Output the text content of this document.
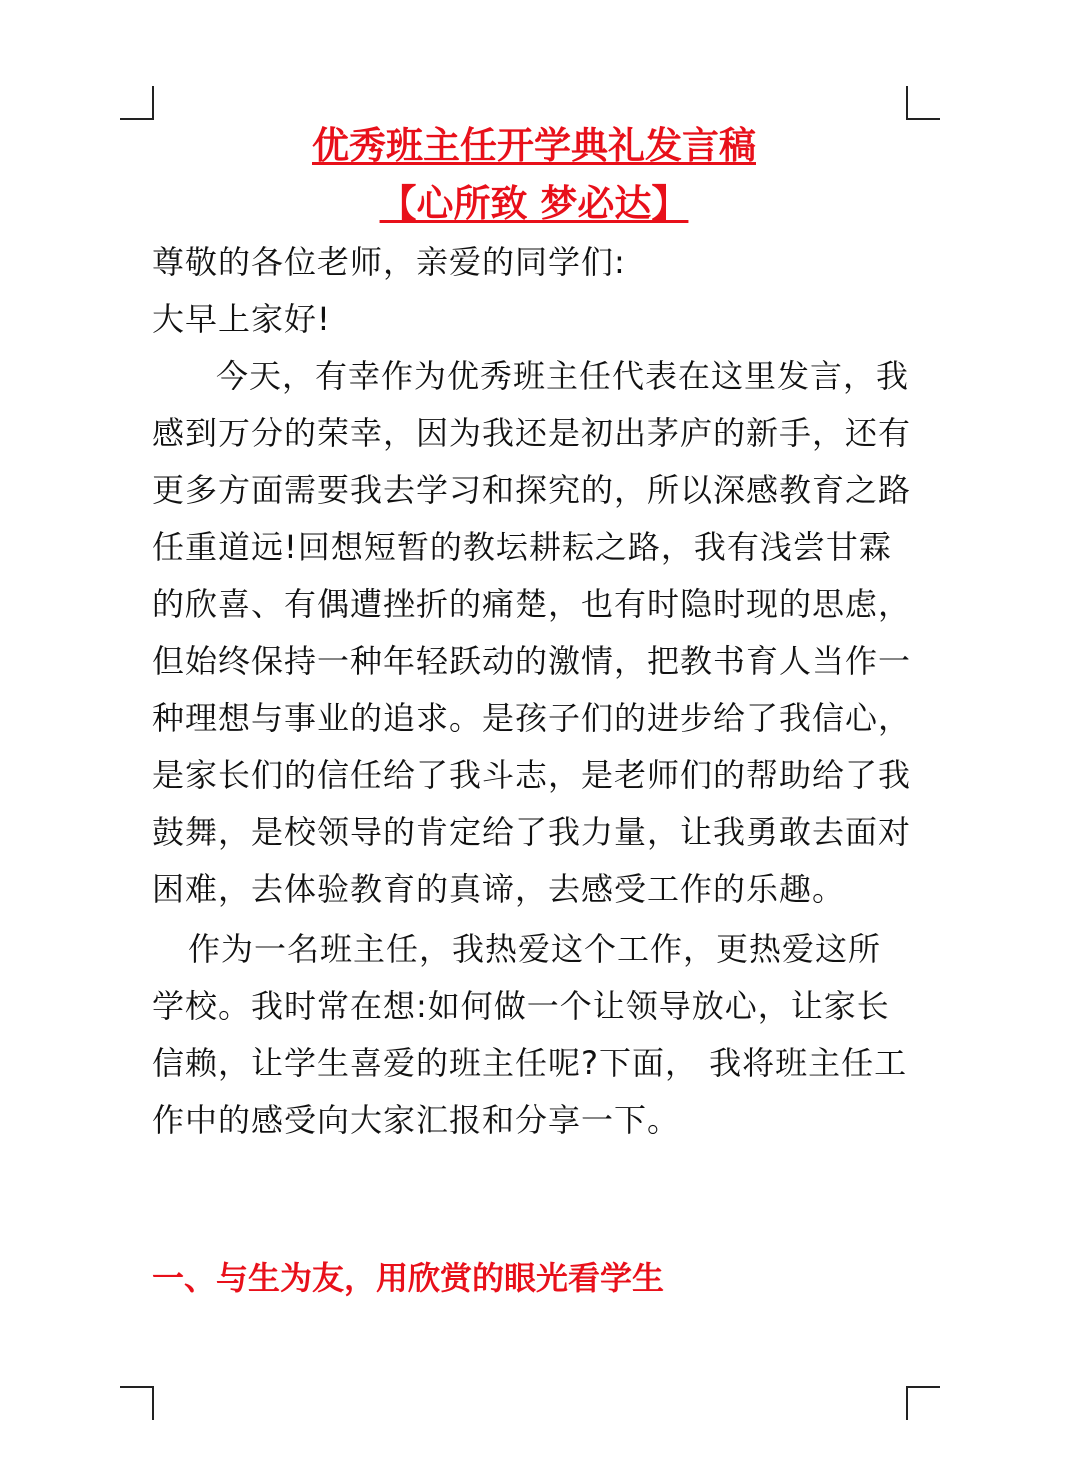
优秀班主任开学典礼发言稿
【心所致 梦必达】

尊敬的各位老师，亲爱的同学们:

大早上家好!

今天，有幸作为优秀班主任代表在这里发言，我感到万分的荣幸，因为我还是初出茅庐的新手，还有更多方面需要我去学习和探究的，所以深感教育之路任重道远!回想短暂的教坛耕耘之路，我有浅尝甘霖的欣喜、有偶遭挫折的痛楚，也有时隐时现的思虑，但始终保持一种年轻跃动的激情，把教书育人当作一种理想与事业的追求。是孩子们的进步给了我信心，是家长们的信任给了我斗志，是老师们的帮助给了我鼓舞，是校领导的肯定给了我力量，让我勇敢去面对困难，去体验教育的真谛，去感受工作的乐趣。

作为一名班主任，我热爱这个工作，更热爱这所学校。我时常在想:如何做一个让领导放心，让家长信赖，让学生喜爱的班主任呢?下面， 我将班主任工作中的感受向大家汇报和分享一下。

一、与生为友，用欣赏的眼光看学生
